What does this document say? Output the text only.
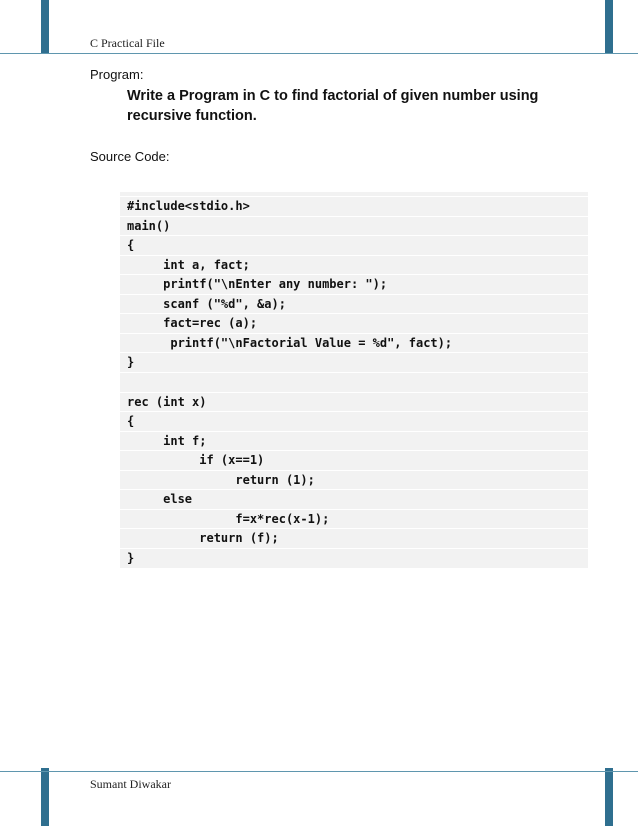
C Practical File
Program:
Write a Program in C to find factorial of given number using recursive function.
Source Code:
#include<stdio.h>
main()
{
int a, fact;
printf("\nEnter any number: ");
scanf ("%d", &a);
fact=rec (a);
printf("\nFactorial Value = %d", fact);
}
rec (int x)
{
int f;
if (x==1)
return (1);
else
f=x*rec(x-1);
return (f);
}
Sumant Diwakar
